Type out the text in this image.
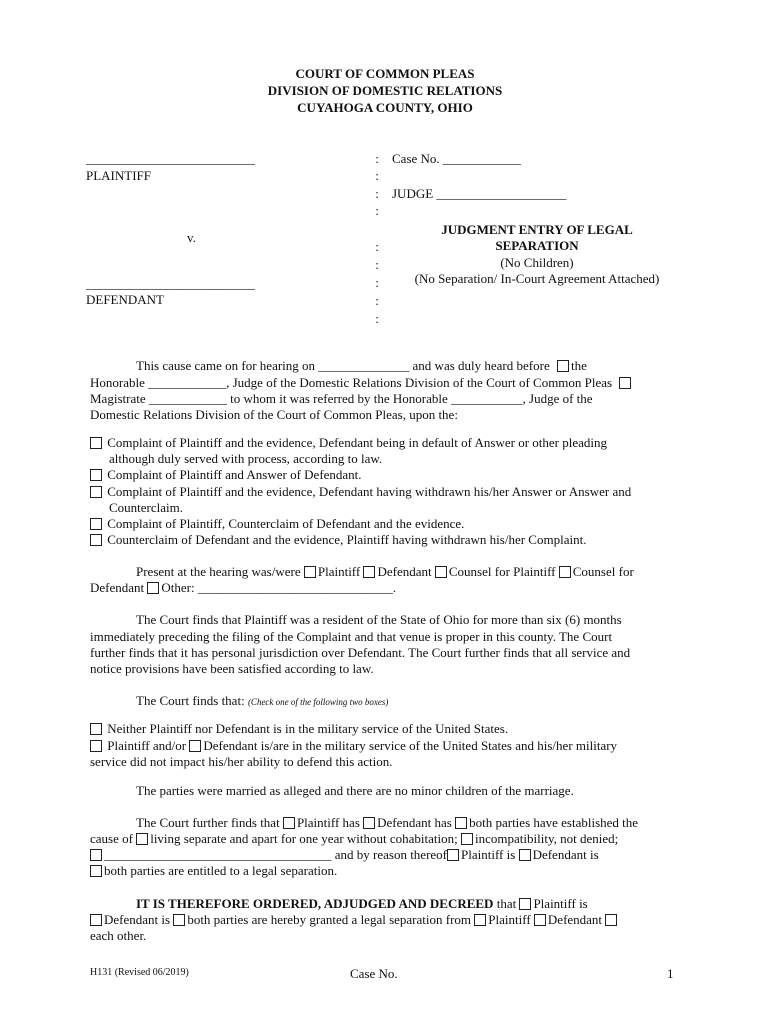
COURT OF COMMON PLEAS
DIVISION OF DOMESTIC RELATIONS
CUYAHOGA COUNTY, OHIO
__________________________
PLAINTIFF
v.
__________________________
DEFENDANT
:
:
:
:
:
:
:
:
:
Case No. ____________
JUDGE ____________________
JUDGMENT ENTRY OF LEGAL
SEPARATION
(No Children)
(No Separation/ In-Court Agreement Attached)
This cause came on for hearing on ______________ and was duly heard before the
Honorable ____________, Judge of the Domestic Relations Division of the Court of Common Pleas
Magistrate ____________ to whom it was referred by the Honorable ___________, Judge of the
Domestic Relations Division of the Court of Common Pleas, upon the:
Complaint of Plaintiff and the evidence, Defendant being in default of Answer or other pleading
although duly served with process, according to law.
Complaint of Plaintiff and Answer of Defendant.
Complaint of Plaintiff and the evidence, Defendant having withdrawn his/her Answer or Answer and
Counterclaim.
Complaint of Plaintiff, Counterclaim of Defendant and the evidence.
Counterclaim of Defendant and the evidence, Plaintiff having withdrawn his/her Complaint.
Present at the hearing was/were Plaintiff Defendant Counsel for Plaintiff Counsel for
Defendant Other: ______________________________.
The Court finds that Plaintiff was a resident of the State of Ohio for more than six (6) months
immediately preceding the filing of the Complaint and that venue is proper in this county. The Court
further finds that it has personal jurisdiction over Defendant. The Court further finds that all service and
notice provisions have been satisfied according to law.
The Court finds that: (Check one of the following two boxes)
Neither Plaintiff nor Defendant is in the military service of the United States.
Plaintiff and/or Defendant is/are in the military service of the United States and his/her military
service did not impact his/her ability to defend this action.
The parties were married as alleged and there are no minor children of the marriage.
The Court further finds that Plaintiff has Defendant has both parties have established the
cause of living separate and apart for one year without cohabitation; incompatibility, not denied;
___________________________________ and by reason thereof Plaintiff is Defendant is
both parties are entitled to a legal separation.
IT IS THEREFORE ORDERED, ADJUDGED AND DECREED that Plaintiff is
Defendant is both parties are hereby granted a legal separation from Plaintiff Defendant
each other.
H131 (Revised 06/2019)	Case No.	1
